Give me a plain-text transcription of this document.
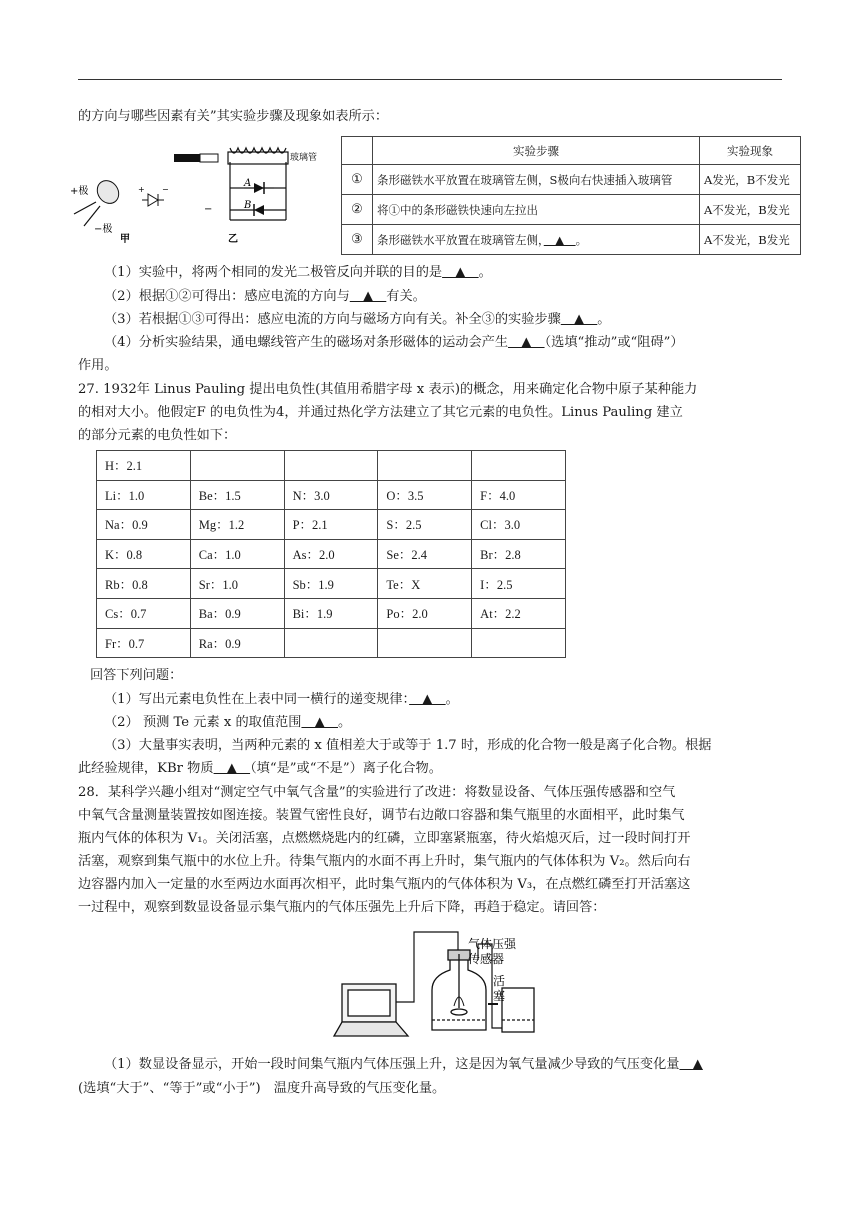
的方向与哪些因素有关”其实验步骤及现象如表所示：
A
B
玻璃管
+极
−极
+ −
−
甲	乙
	实验步骤	实验现象
①	条形磁铁水平放置在玻璃管左侧，S极向右快速插入玻璃管	A发光，B不发光
②	将①中的条形磁铁快速向左拉出	A不发光，B发光
③	条形磁铁水平放置在玻璃管左侧，　▲　。	A不发光，B发光
（1）实验中，将两个相同的发光二极管反向并联的目的是　▲　。
（2）根据①②可得出：感应电流的方向与　▲　有关。
（3）若根据①③可得出：感应电流的方向与磁场方向有关。补全③的实验步骤　▲　。
（4）分析实验结果，通电螺线管产生的磁场对条形磁体的运动会产生　▲　（选填“推动”或“阻碍”）
作用。
27. 1932年 Linus Pauling 提出电负性(其值用希腊字母 x 表示)的概念，用来确定化合物中原子某种能力
的相对大小。他假定F 的电负性为4，并通过热化学方法建立了其它元素的电负性。Linus Pauling 建立
的部分元素的电负性如下：
H：2.1				
Li：1.0	Be：1.5	N：3.0	O：3.5	F：4.0
Na：0.9	Mg：1.2	P：2.1	S：2.5	Cl：3.0
K：0.8	Ca：1.0	As：2.0	Se：2.4	Br：2.8
Rb：0.8	Sr：1.0	Sb：1.9	Te：X	I：2.5
Cs：0.7	Ba：0.9	Bi：1.9	Po：2.0	At：2.2
Fr：0.7	Ra：0.9			
回答下列问题：
（1）写出元素电负性在上表中同一横行的递变规律：　▲　。
（2） 预测 Te 元素 x 的取值范围　▲　。
（3）大量事实表明，当两种元素的 x 值相差大于或等于 1.7 时，形成的化合物一般是离子化合物。根据
此经验规律，KBr 物质　▲　（填“是”或“不是”）离子化合物。
28．某科学兴趣小组对“测定空气中氧气含量”的实验进行了改进：将数显设备、气体压强传感器和空气
中氧气含量测量装置按如图连接。装置气密性良好，调节右边敞口容器和集气瓶里的水面相平，此时集气
瓶内气体的体积为 V₁。关闭活塞，点燃燃烧匙内的红磷，立即塞紧瓶塞，待火焰熄灭后，过一段时间打开
活塞，观察到集气瓶中的水位上升。待集气瓶内的水面不再上升时，集气瓶内的气体体积为 V₂。然后向右
边容器内加入一定量的水至两边水面再次相平，此时集气瓶内的气体体积为 V₃，在点燃红磷至打开活塞这
一过程中，观察到数显设备显示集气瓶内的气体压强先上升后下降，再趋于稳定。请回答：
气体压强
传感器
活
塞
（1）数显设备显示，开始一段时间集气瓶内气体压强上升，这是因为氧气量减少导致的气压变化量　▲
(选填“大于”、“等于”或“小于”)　温度升高导致的气压变化量。
